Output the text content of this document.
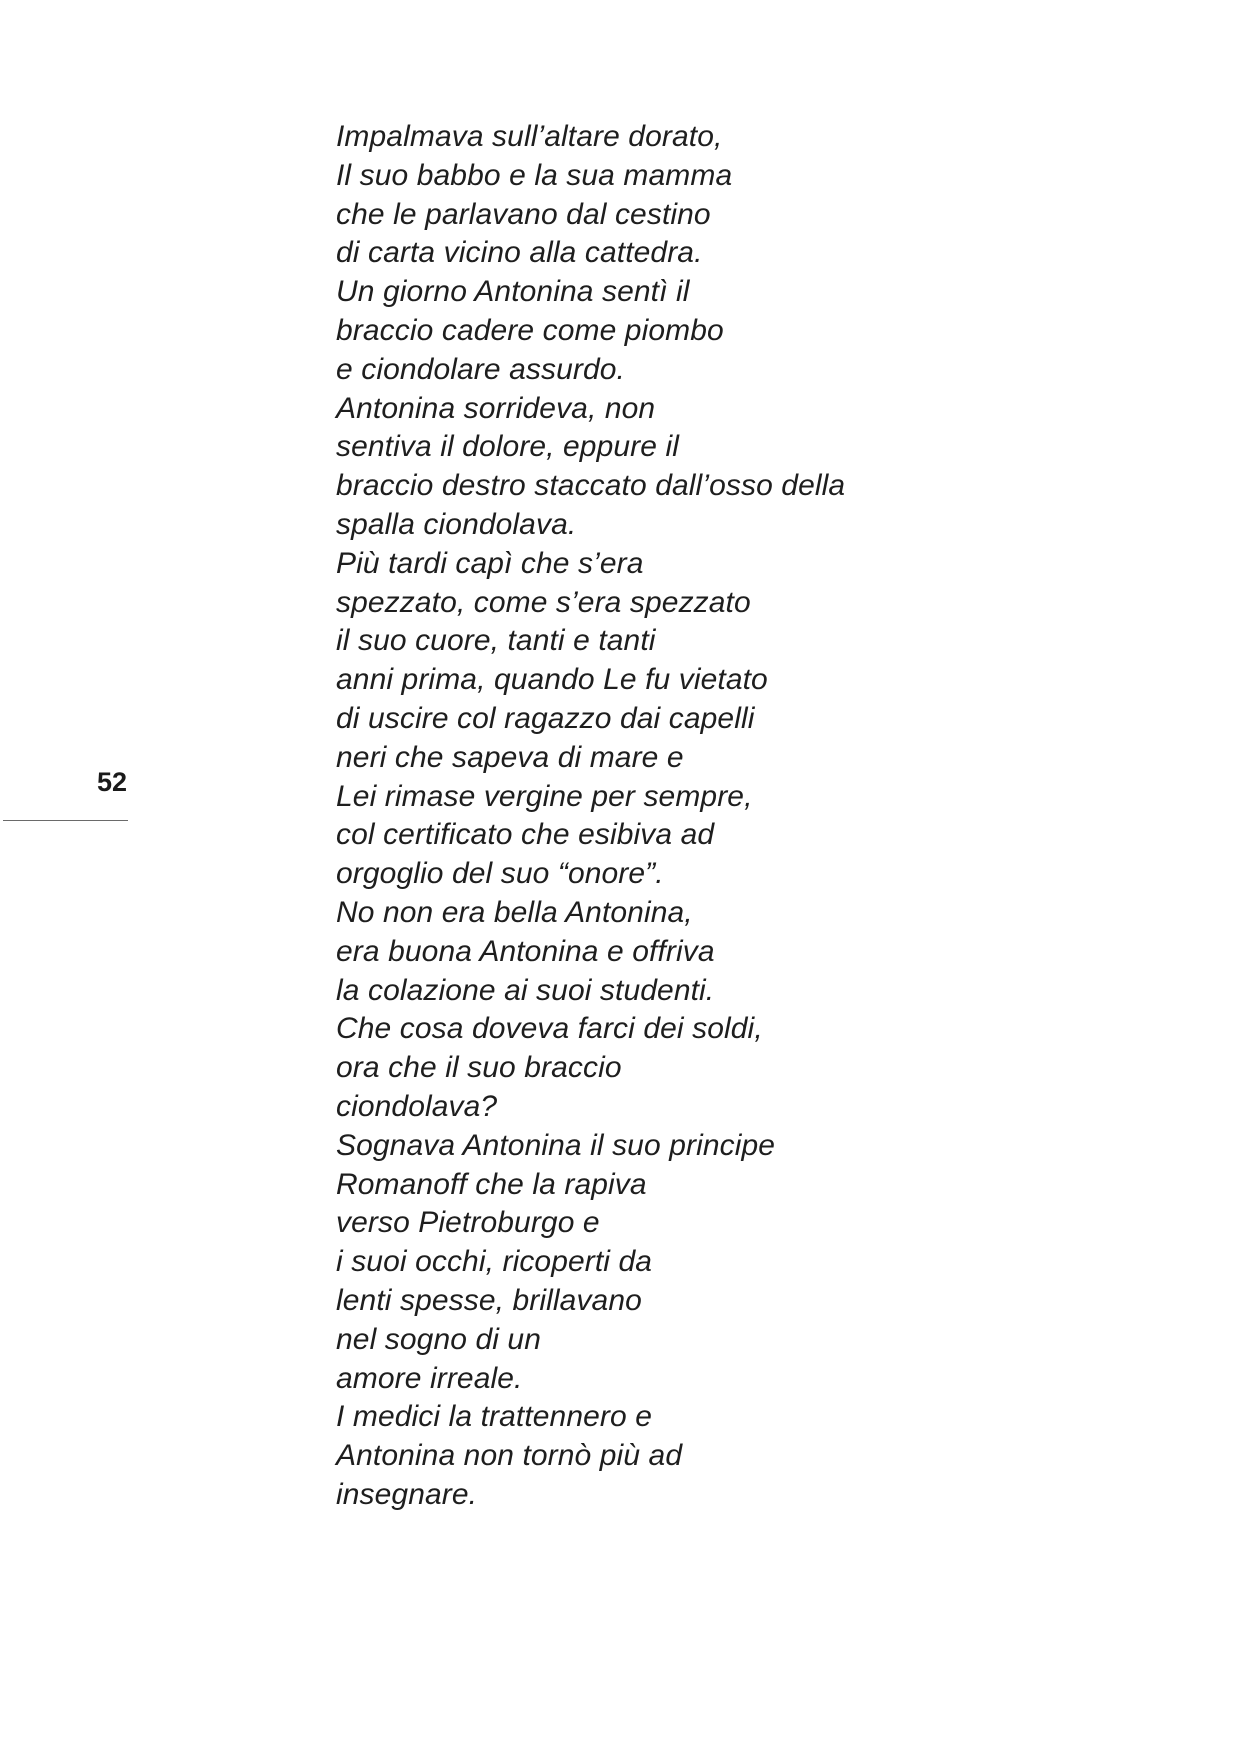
52
Impalmava sull’altare dorato,
Il suo babbo e la sua mamma
che le parlavano dal cestino
di carta vicino alla cattedra.
Un giorno Antonina sentì il
braccio cadere come piombo
e ciondolare assurdo.
Antonina sorrideva, non
sentiva il dolore, eppure il
braccio destro staccato dall’osso della
spalla ciondolava.
Più tardi capì che s’era
spezzato, come s’era spezzato
il suo cuore, tanti e tanti
anni prima, quando Le fu vietato
di uscire col ragazzo dai capelli
neri che sapeva di mare e
Lei rimase vergine per sempre,
col certificato che esibiva ad
orgoglio del suo “onore”.
No non era bella Antonina,
era buona Antonina e offriva
la colazione ai suoi studenti.
Che cosa doveva farci dei soldi,
ora che il suo braccio
ciondolava?
Sognava Antonina il suo principe
Romanoff che la rapiva
verso Pietroburgo e
i suoi occhi, ricoperti da
lenti spesse, brillavano
nel sogno di un
amore irreale.
I medici la trattennero e
Antonina non tornò più ad
insegnare.
